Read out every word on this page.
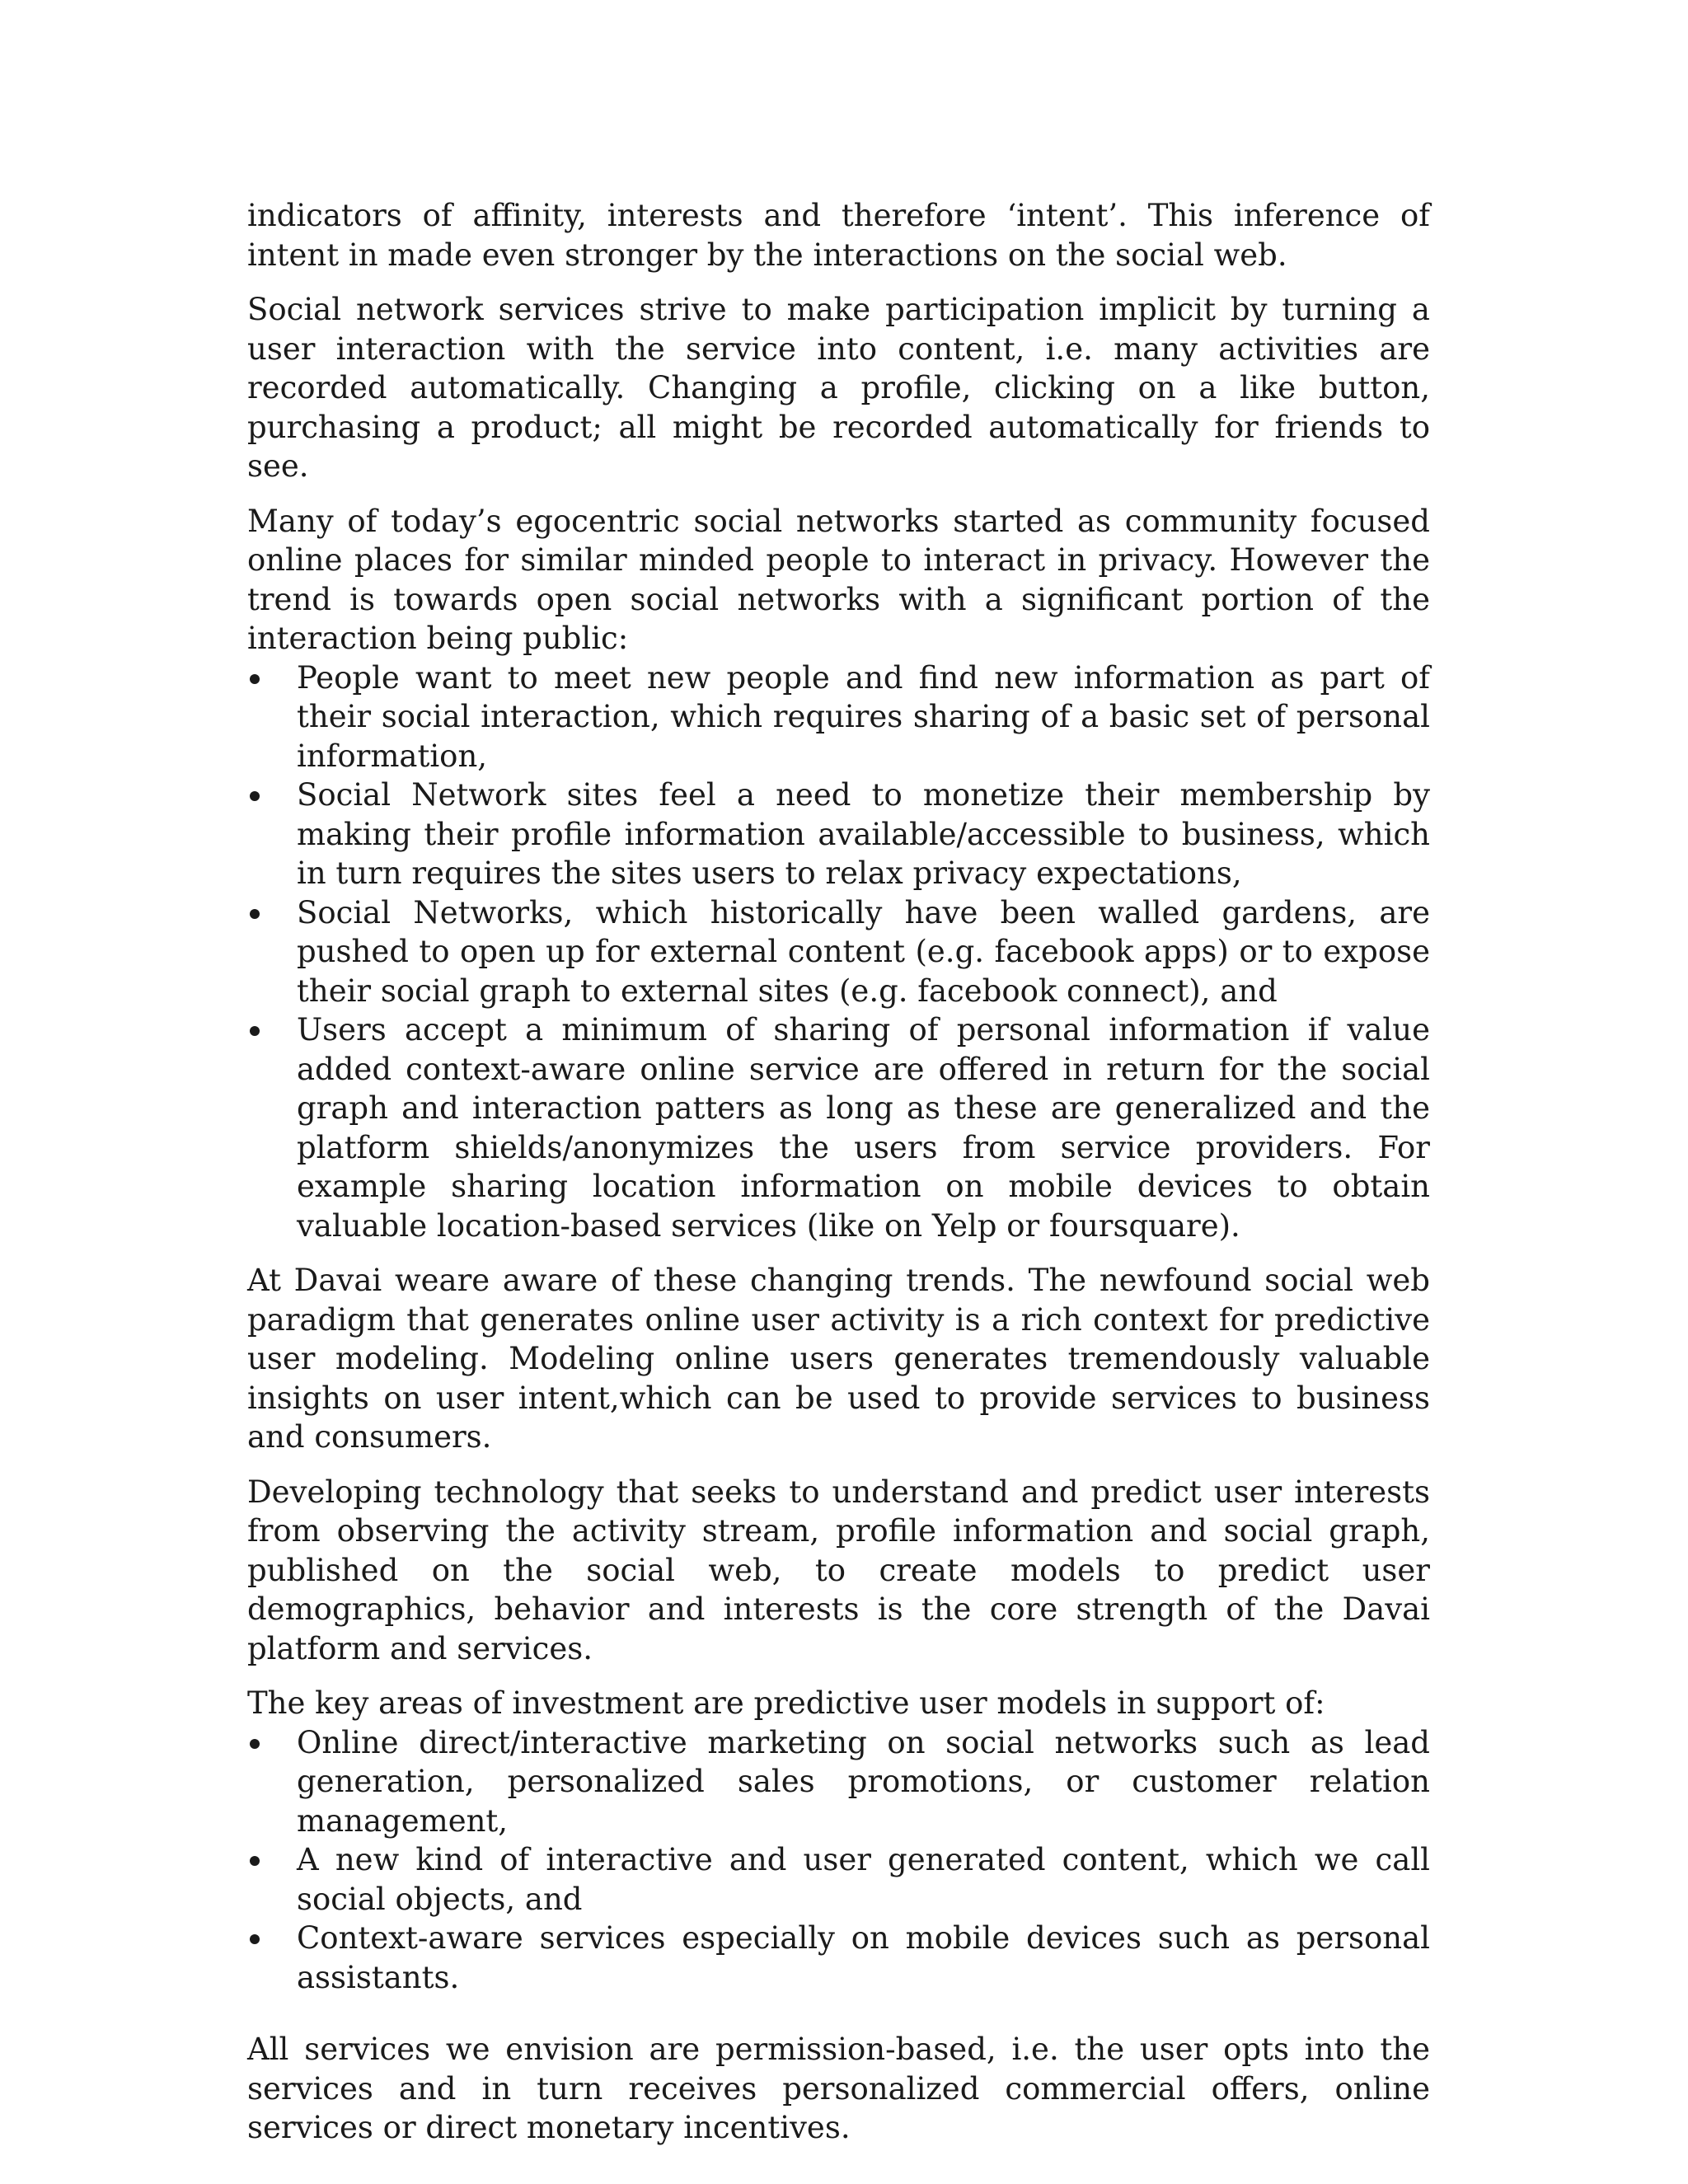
indicators of affinity, interests and therefore ‘intent’. This inference of intent in made even stronger by the interactions on the social web.

Social network services strive to make participation implicit by turning a user interaction with the service into content, i.e. many activities are recorded automatically. Changing a profile, clicking on a like button, purchasing a product; all might be recorded automatically for friends to see.

Many of today’s egocentric social networks started as community focused online places for similar minded people to interact in privacy. However the trend is towards open social networks with a significant portion of the interaction being public:

People want to meet new people and find new information as part of their social interaction, which requires sharing of a basic set of personal information,
Social Network sites feel a need to monetize their membership by making their profile information available/accessible to business, which in turn requires the sites users to relax privacy expectations,
Social Networks, which historically have been walled gardens, are pushed to open up for external content (e.g. facebook apps) or to expose their social graph to external sites (e.g. facebook connect), and
Users accept a minimum of sharing of personal information if value added context-aware online service are offered in return for the social graph and interaction patters as long as these are generalized and the platform shields/anonymizes the users from service providers. For example sharing location information on mobile devices to obtain valuable location-based services (like on Yelp or foursquare).

At Davai weare aware of these changing trends. The newfound social web paradigm that generates online user activity is a rich context for predictive user modeling. Modeling online users generates tremendously valuable insights on user intent,which can be used to provide services to business and consumers.

Developing technology that seeks to understand and predict user interests from observing the activity stream, profile information and social graph, published on the social web, to create models to predict user demographics, behavior and interests is the core strength of the Davai platform and services.

The key areas of investment are predictive user models in support of:

Online direct/interactive marketing on social networks such as lead generation, personalized sales promotions, or customer relation management,
A new kind of interactive and user generated content, which we call social objects, and
Context-aware services especially on mobile devices such as personal assistants.

All services we envision are permission-based, i.e. the user opts into the services and in turn receives personalized commercial offers, online services or direct monetary incentives.
